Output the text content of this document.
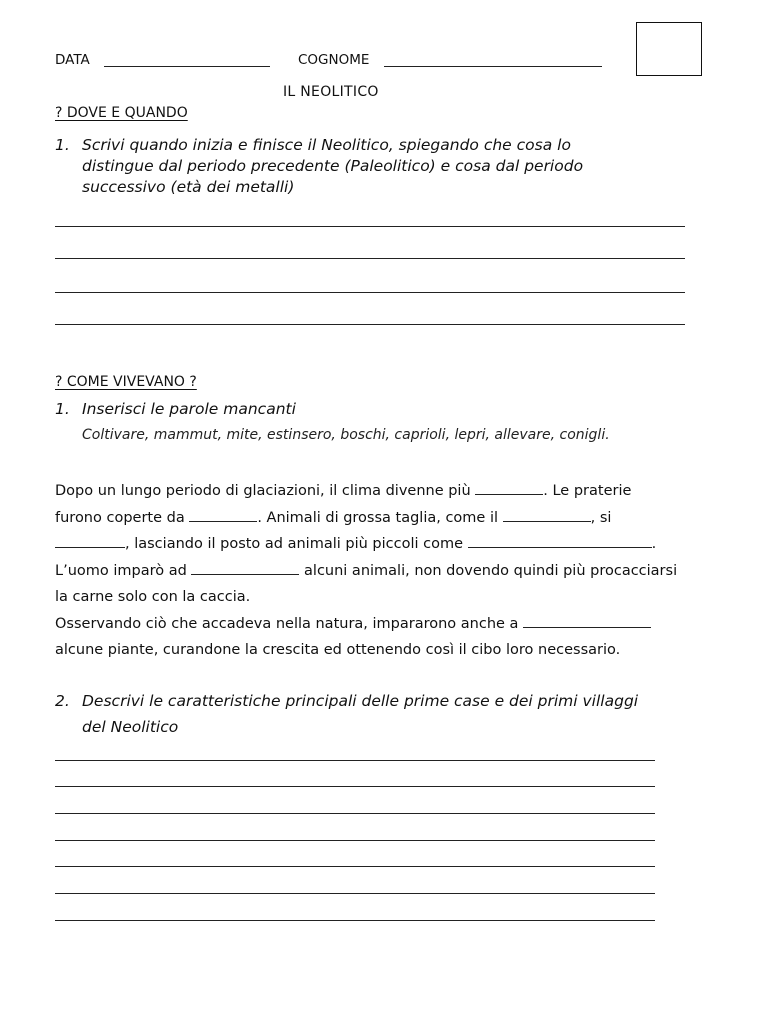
DATA	COGNOME
IL NEOLITICO
? DOVE E QUANDO
1. Scrivi quando inizia e finisce il Neolitico, spiegando che cosa lo
distingue dal periodo precedente (Paleolitico) e cosa dal periodo
successivo (età dei metalli)
? COME VIVEVANO ?
1. Inserisci le parole mancanti
Coltivare, mammut, mite, estinsero, boschi, caprioli, lepri, allevare, conigli.
Dopo un lungo periodo di glaciazioni, il clima divenne più	. Le praterie
furono coperte da	. Animali di grossa taglia, come il	, si
, lasciando il posto ad animali più piccoli come	.
L’uomo imparò ad	alcuni animali, non dovendo quindi più procacciarsi
la carne solo con la caccia.
Osservando ciò che accadeva nella natura, impararono anche a
alcune piante, curandone la crescita ed ottenendo così il cibo loro necessario.
2. Descrivi le caratteristiche principali delle prime case e dei primi villaggi
del Neolitico
